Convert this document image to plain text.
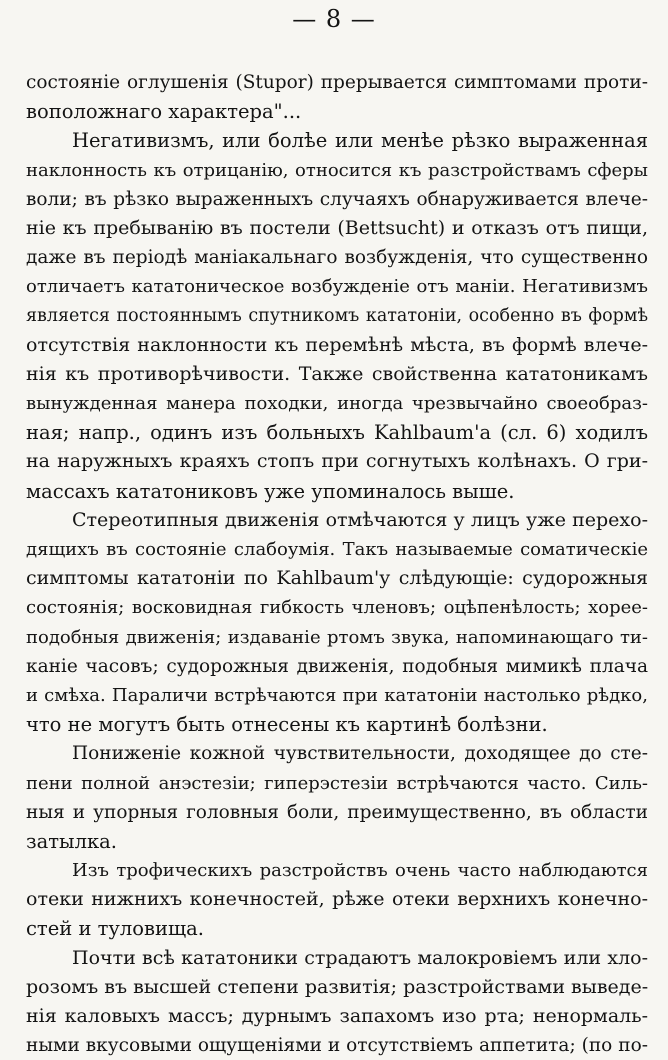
— 8 —
состояніе оглушенія (Stupor) прерывается симптомами проти-
воположнаго характера"...
Негативизмъ, или болѣе или менѣе рѣзко выраженная
наклонность къ отрицанію, относится къ разстройствамъ сферы
воли; въ рѣзко выраженныхъ случаяхъ обнаруживается влече-
ніе къ пребыванію въ постели (Bettsucht) и отказъ отъ пищи,
даже въ періодѣ маніакальнаго возбужденія, что существенно
отличаетъ кататоническое возбужденіе отъ маніи. Негативизмъ
является постояннымъ спутникомъ кататоніи, особенно въ формѣ
отсутствія наклонности къ перемѣнѣ мѣста, въ формѣ влече-
нія къ противорѣчивости. Также свойственна кататоникамъ
вынужденная манера походки, иногда чрезвычайно своеобраз-
ная; напр., одинъ изъ больныхъ Kahlbaum'a (сл. 6) ходилъ
на наружныхъ краяхъ стопъ при согнутыхъ колѣнахъ. О гри-
массахъ кататониковъ уже упоминалось выше.
Стереотипныя движенія отмѣчаются у лицъ уже перехо-
дящихъ въ состояніе слабоумія. Такъ называемые соматическіе
симптомы кататоніи по Kahlbaum'у слѣдующіе: судорожныя
состоянія; восковидная гибкость членовъ; оцѣпенѣлость; хорее-
подобныя движенія; издаваніе ртомъ звука, напоминающаго ти-
каніе часовъ; судорожныя движенія, подобныя мимикѣ плача
и смѣха. Параличи встрѣчаются при кататоніи настолько рѣдко,
что не могутъ быть отнесены къ картинѣ болѣзни.
Пониженіе кожной чувствительности, доходящее до сте-
пени полной анэстезіи; гиперэстезіи встрѣчаются часто. Силь-
ныя и упорныя головныя боли, преимущественно, въ области
затылка.
Изъ трофическихъ разстройствъ очень часто наблюдаются
отеки нижнихъ конечностей, рѣже отеки верхнихъ конечно-
стей и туловища.
Почти всѣ кататоники страдаютъ малокровіемъ или хло-
розомъ въ высшей степени развитія; разстройствами выведе-
нія каловыхъ массъ; дурнымъ запахомъ изо рта; ненормаль-
ными вкусовыми ощущеніями и отсутствіемъ аппетита; (по по-
